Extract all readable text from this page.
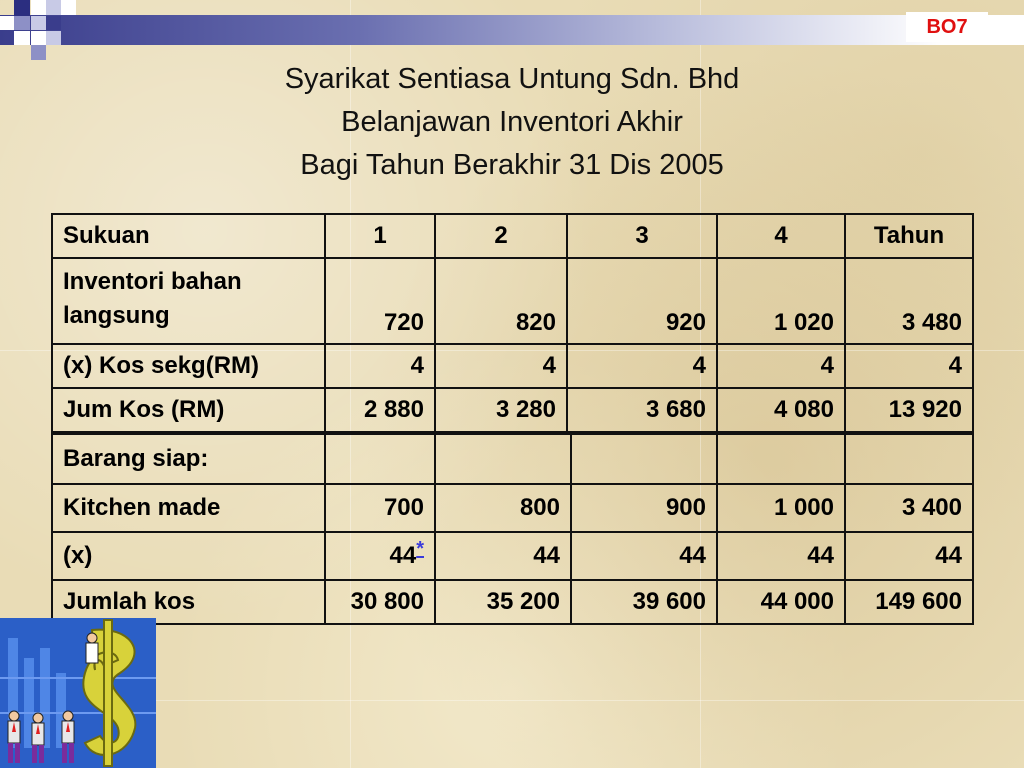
BO7
Syarikat Sentiasa Untung Sdn. Bhd
Belanjawan Inventori Akhir
Bagi Tahun Berakhir 31 Dis 2005
Sukuan	1	2	3	4	Tahun
Inventori bahan langsung	720	820	920	1 020	3 480
(x) Kos sekg(RM)	4	4	4	4	4
Jum Kos (RM)	2 880	3 280	3 680	4 080	13 920
Barang siap:					
Kitchen made	700	800	900	1 000	3 400
(x)	44*	44	44	44	44
Jumlah kos	30 800	35 200	39 600	44 000	149 600
